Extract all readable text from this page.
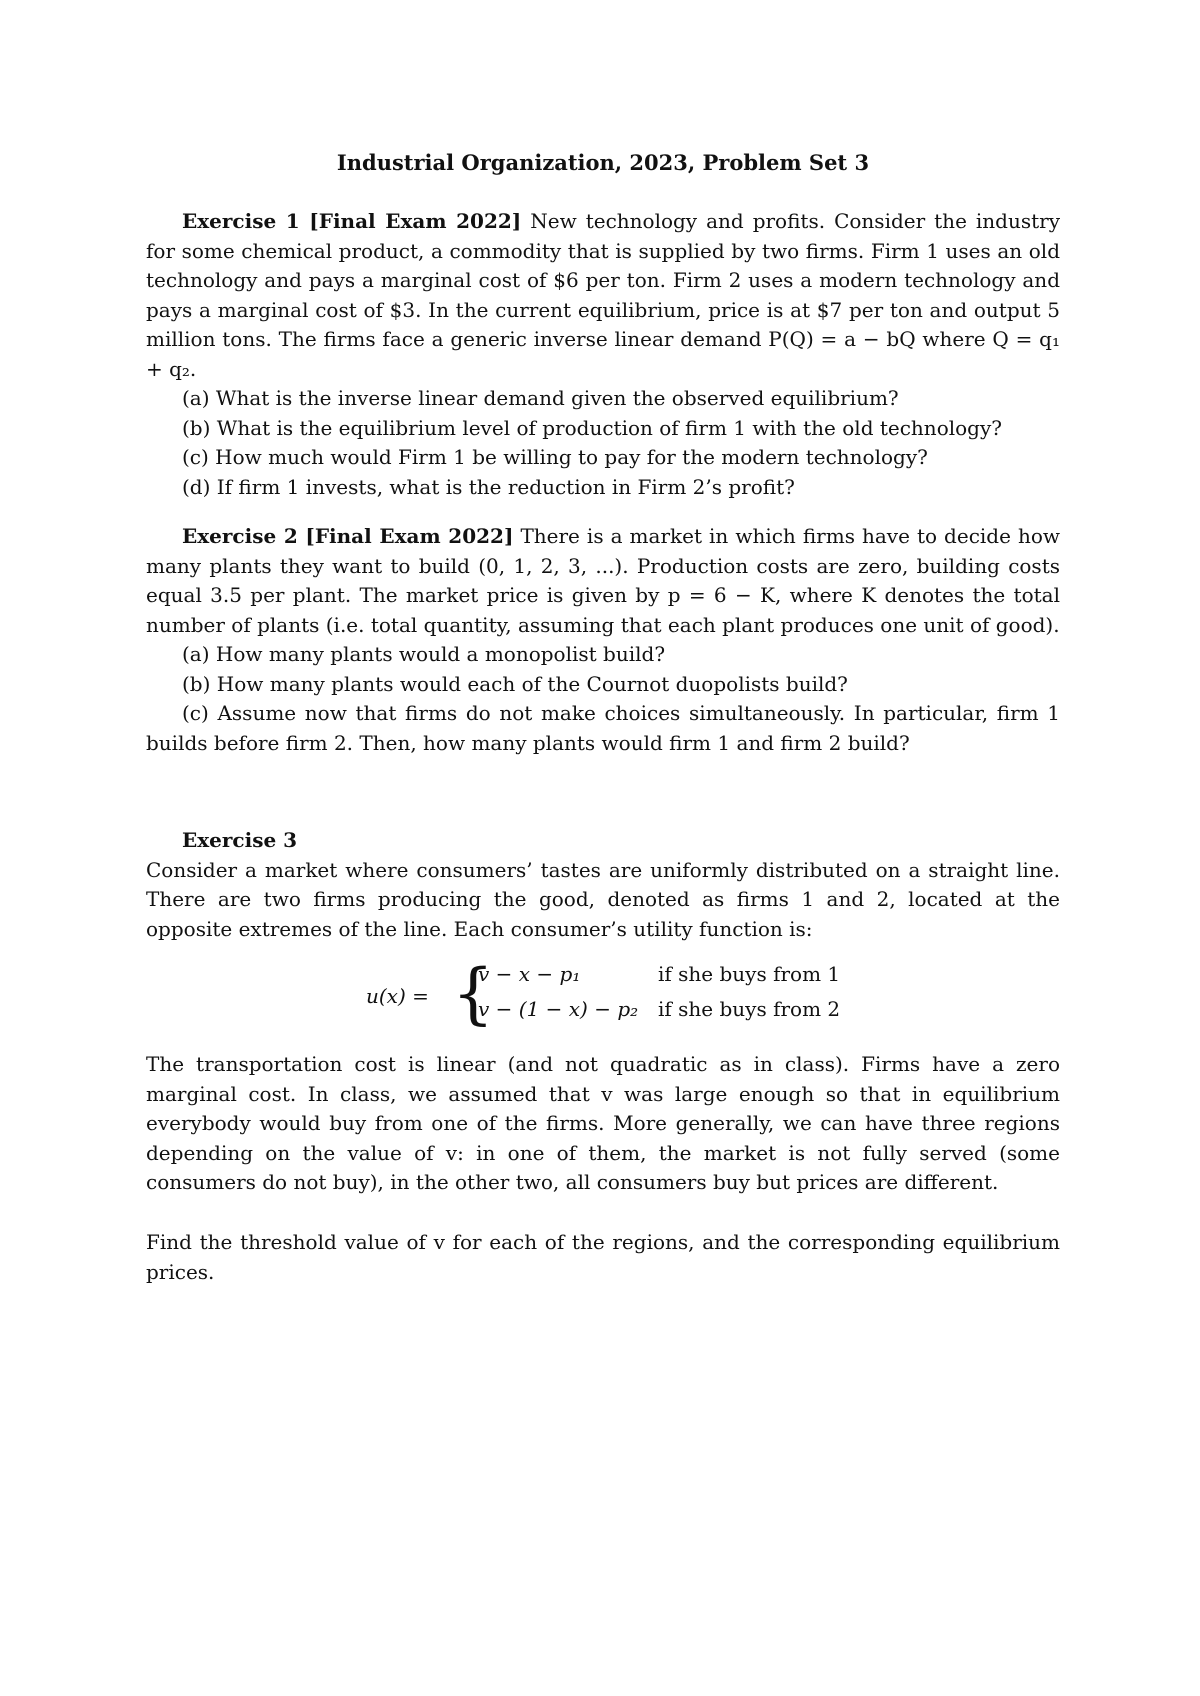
Industrial Organization, 2023, Problem Set 3

Exercise 1 [Final Exam 2022] New technology and profits. Consider the industry for some chemical product, a commodity that is supplied by two firms. Firm 1 uses an old technology and pays a marginal cost of $6 per ton. Firm 2 uses a modern technology and pays a marginal cost of $3. In the current equilibrium, price is at $7 per ton and output 5 million tons. The firms face a generic inverse linear demand P(Q) = a − bQ where Q = q₁ + q₂.

(a) What is the inverse linear demand given the observed equilibrium?

(b) What is the equilibrium level of production of firm 1 with the old technology?

(c) How much would Firm 1 be willing to pay for the modern technology?

(d) If firm 1 invests, what is the reduction in Firm 2’s profit?

Exercise 2 [Final Exam 2022] There is a market in which firms have to decide how many plants they want to build (0, 1, 2, 3, ...). Production costs are zero, building costs equal 3.5 per plant. The market price is given by p = 6 − K, where K denotes the total number of plants (i.e. total quantity, assuming that each plant produces one unit of good).

(a) How many plants would a monopolist build?

(b) How many plants would each of the Cournot duopolists build?

(c) Assume now that firms do not make choices simultaneously. In particular, firm 1 builds before firm 2. Then, how many plants would firm 1 and firm 2 build?

Exercise 3

Consider a market where consumers’ tastes are uniformly distributed on a straight line. There are two firms producing the good, denoted as firms 1 and 2, located at the opposite extremes of the line. Each consumer’s utility function is:

u(x) = {
v − x − p₁	if she buys from 1
v − (1 − x) − p₂ if she buys from 2

The transportation cost is linear (and not quadratic as in class). Firms have a zero marginal cost. In class, we assumed that v was large enough so that in equilibrium everybody would buy from one of the firms. More generally, we can have three regions depending on the value of v: in one of them, the market is not fully served (some consumers do not buy), in the other two, all consumers buy but prices are different.

Find the threshold value of v for each of the regions, and the corresponding equilibrium prices.
